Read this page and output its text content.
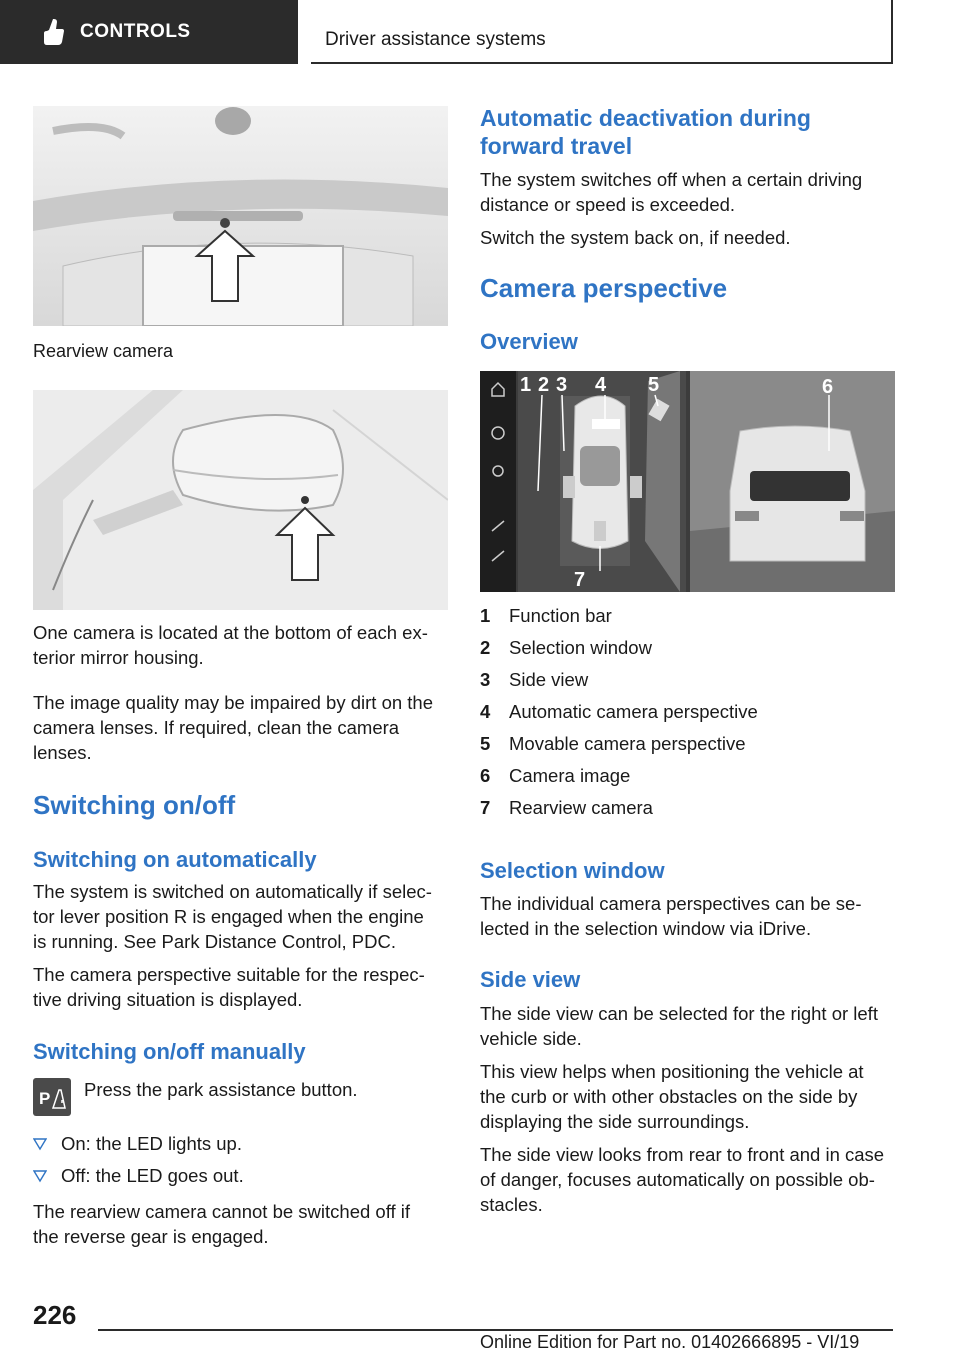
CONTROLS	Driver assistance systems
Rearview camera

One camera is located at the bottom of each ex-
terior mirror housing.

The image quality may be impaired by dirt on the
camera lenses. If required, clean the camera
lenses.

Switching on/off
Switching on automatically

The system is switched on automatically if selec-
tor lever position R is engaged when the engine
is running. See Park Distance Control, PDC.

The camera perspective suitable for the respec-
tive driving situation is displayed.

Switching on/off manually
P Press the park assistance button.
On: the LED lights up.
Off: the LED goes out.

The rearview camera cannot be switched off if
the reverse gear is engaged.

Automatic deactivation during
forward travel

The system switches off when a certain driving
distance or speed is exceeded.

Switch the system back on, if needed.

Camera perspective
Overview
1 2 3 4 5	6
7
1 Function bar
2 Selection window
3 Side view
4 Automatic camera perspective
5 Movable camera perspective
6 Camera image
7 Rearview camera
Selection window

The individual camera perspectives can be se-
lected in the selection window via iDrive.

Side view

The side view can be selected for the right or left
vehicle side.

This view helps when positioning the vehicle at
the curb or with other obstacles on the side by
displaying the side surroundings.

The side view looks from rear to front and in case
of danger, focuses automatically on possible ob-
stacles.

226
Online Edition for Part no. 01402666895 - VI/19
